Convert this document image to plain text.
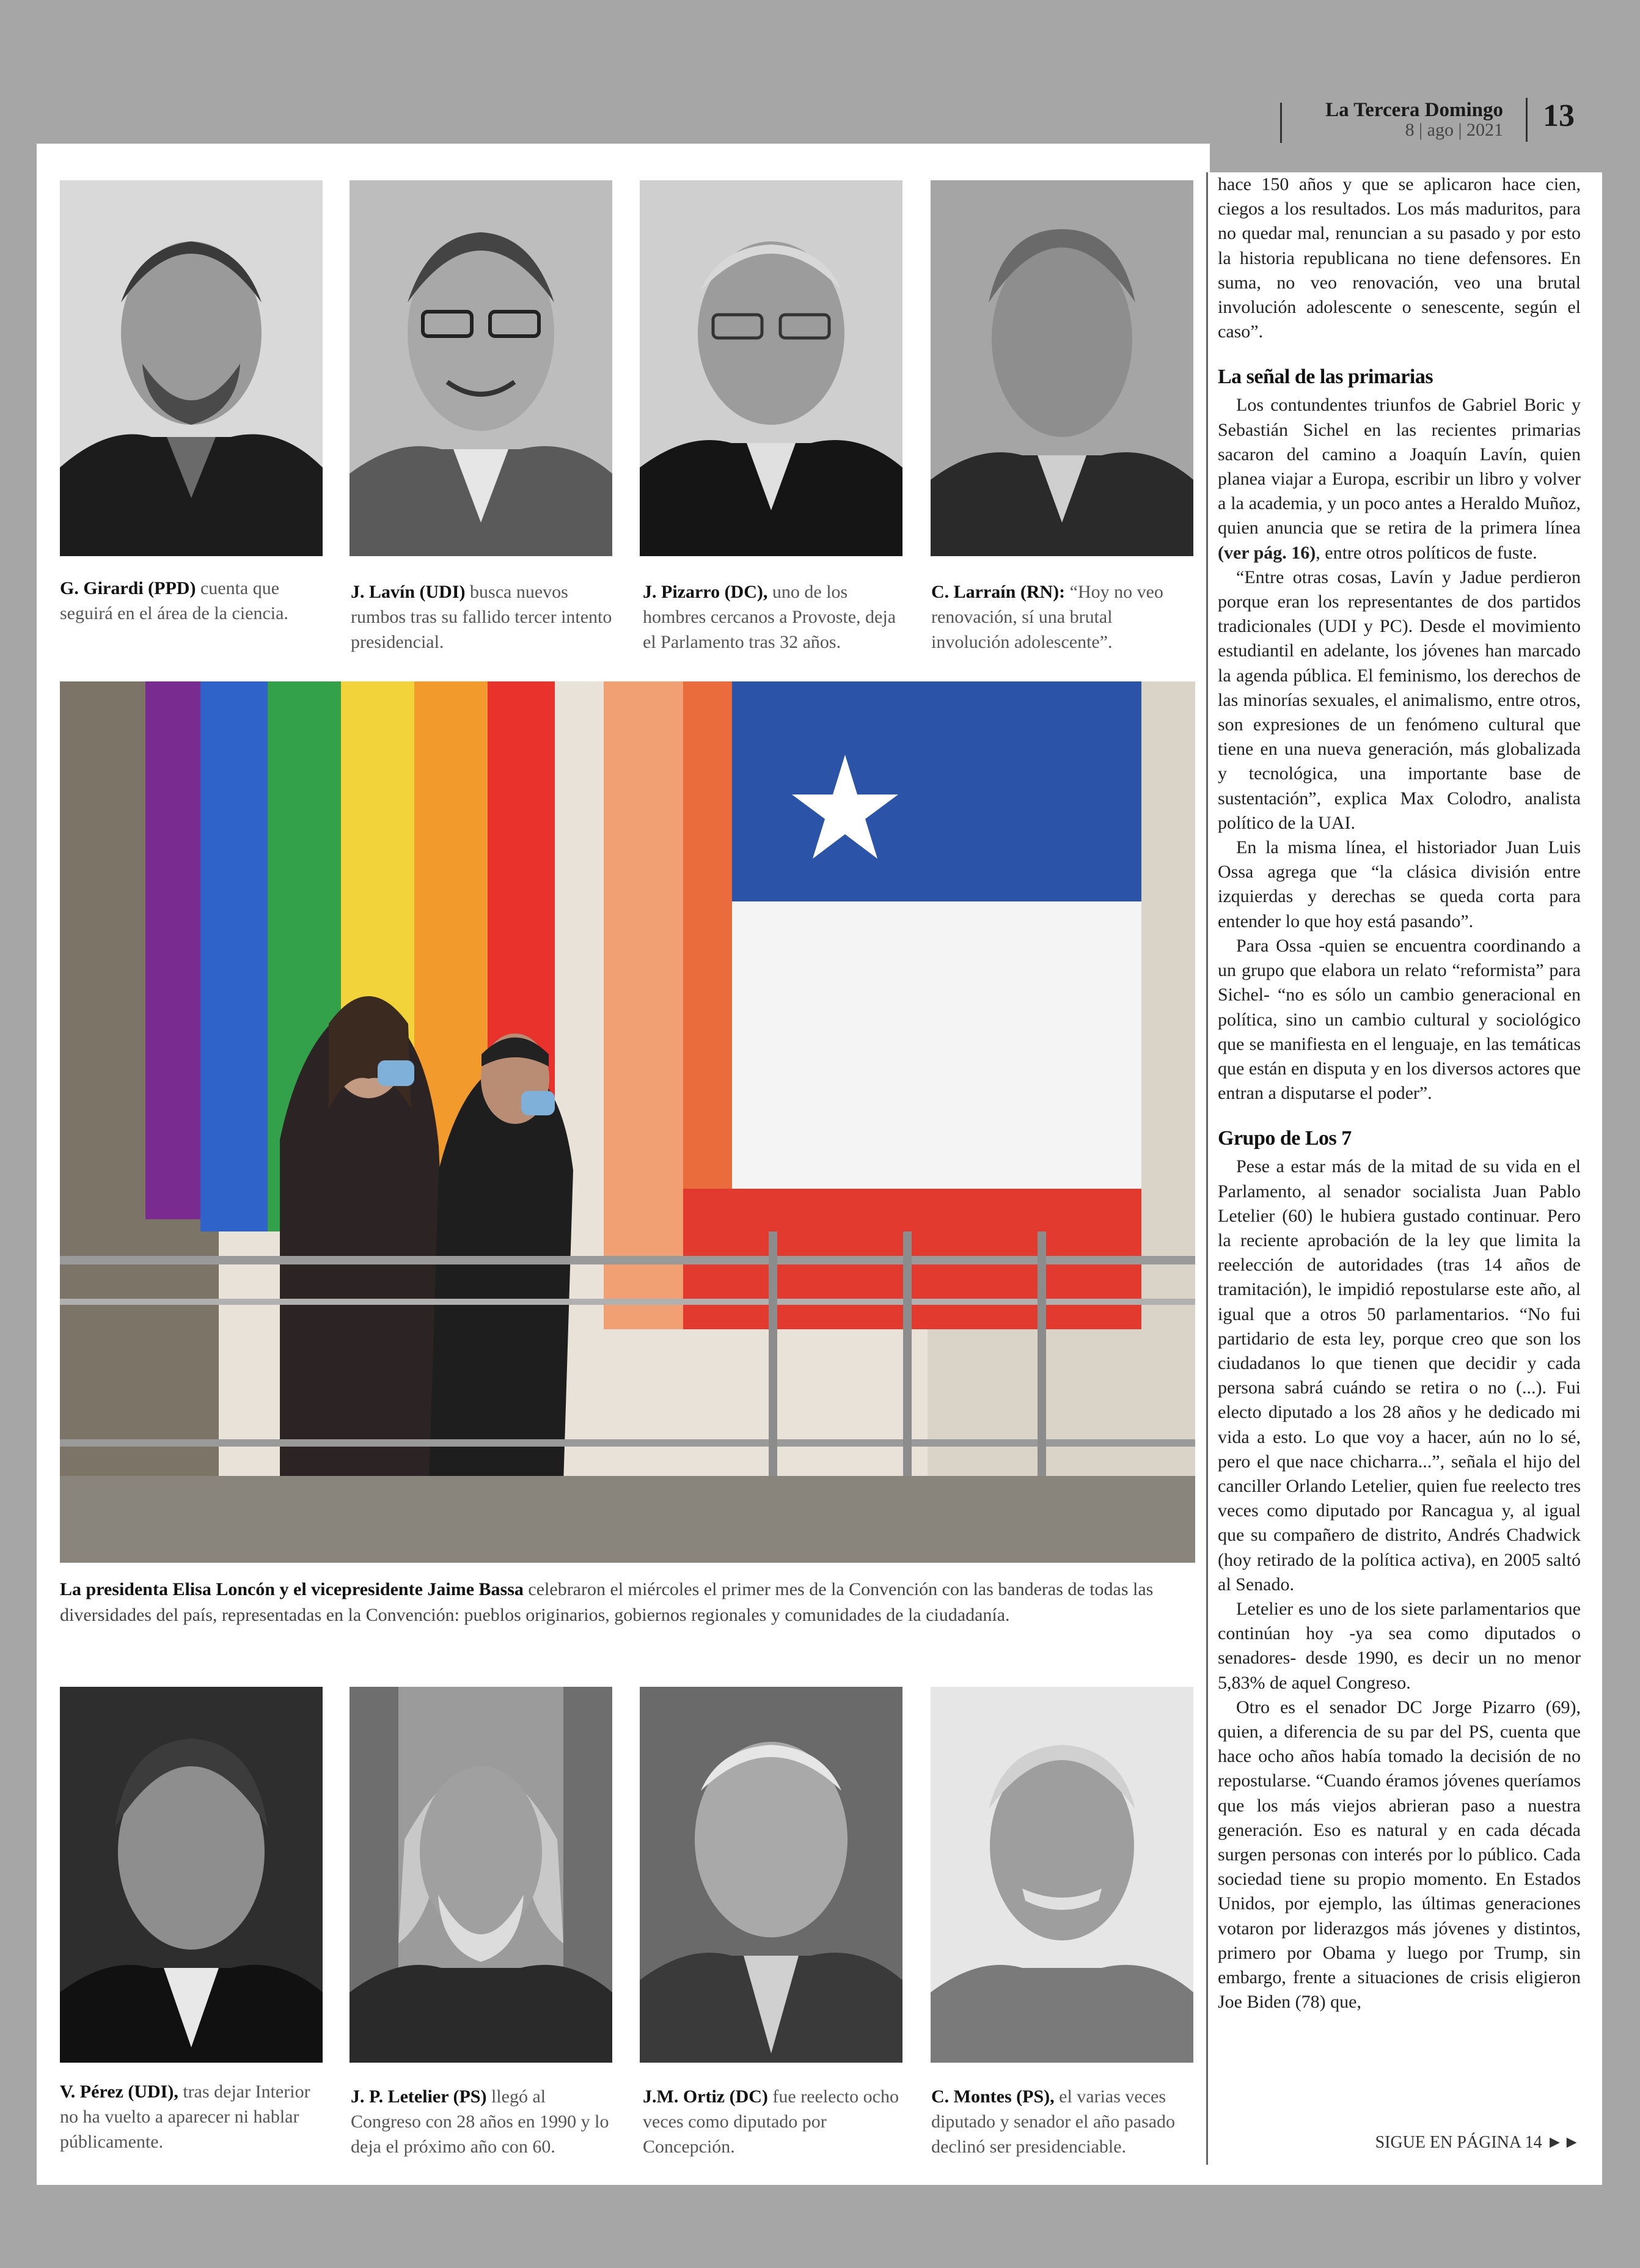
La Tercera Domingo
8 | ago | 2021 13
G. Girardi (PPD) cuenta que seguirá en el área de la ciencia.
J. Lavín (UDI) busca nuevos rumbos tras su fallido tercer intento presidencial.
J. Pizarro (DC), uno de los hombres cercanos a Provoste, deja el Parlamento tras 32 años.
C. Larraín (RN): “Hoy no veo renovación, sí una brutal involución adolescente”.
La presidenta Elisa Loncón y el vicepresidente Jaime Bassa celebraron el miércoles el primer mes de la Convención con las banderas de todas las diversidades del país, representadas en la Convención: pueblos originarios, gobiernos regionales y comunidades de la ciudadanía.
V. Pérez (UDI), tras dejar Interior no ha vuelto a aparecer ni hablar públicamente.
J. P. Letelier (PS) llegó al Congreso con 28 años en 1990 y lo deja el próximo año con 60.
J.M. Ortiz (DC) fue reelecto ocho veces como diputado por Concepción.
C. Montes (PS), el varias veces diputado y senador el año pasado declinó ser presidenciable.

hace 150 años y que se aplicaron hace cien, ciegos a los resultados. Los más maduritos, para no quedar mal, renuncian a su pasado y por esto la historia republicana no tiene defensores. En suma, no veo renovación, veo una brutal involución adolescente o senescente, según el caso”.

La señal de las primarias

Los contundentes triunfos de Gabriel Boric y Sebastián Sichel en las recientes primarias sacaron del camino a Joaquín Lavín, quien planea viajar a Europa, escribir un libro y volver a la academia, y un poco antes a Heraldo Muñoz, quien anuncia que se retira de la primera línea (ver pág. 16), entre otros políticos de fuste.

“Entre otras cosas, Lavín y Jadue perdieron porque eran los representantes de dos partidos tradicionales (UDI y PC). Desde el movimiento estudiantil en adelante, los jóvenes han marcado la agenda pública. El feminismo, los derechos de las minorías sexuales, el animalismo, entre otros, son expresiones de un fenómeno cultural que tiene en una nueva generación, más globalizada y tecnológica, una importante base de sustentación”, explica Max Colodro, analista político de la UAI.

En la misma línea, el historiador Juan Luis Ossa agrega que “la clásica división entre izquierdas y derechas se queda corta para entender lo que hoy está pasando”.

Para Ossa -quien se encuentra coordinando a un grupo que elabora un relato “reformista” para Sichel- “no es sólo un cambio generacional en política, sino un cambio cultural y sociológico que se manifiesta en el lenguaje, en las temáticas que están en disputa y en los diversos actores que entran a disputarse el poder”.

Grupo de Los 7

Pese a estar más de la mitad de su vida en el Parlamento, al senador socialista Juan Pablo Letelier (60) le hubiera gustado continuar. Pero la reciente aprobación de la ley que limita la reelección de autoridades (tras 14 años de tramitación), le impidió repostularse este año, al igual que a otros 50 parlamentarios. “No fui partidario de esta ley, porque creo que son los ciudadanos lo que tienen que decidir y cada persona sabrá cuándo se retira o no (...). Fui electo diputado a los 28 años y he dedicado mi vida a esto. Lo que voy a hacer, aún no lo sé, pero el que nace chicharra...”, señala el hijo del canciller Orlando Letelier, quien fue reelecto tres veces como diputado por Rancagua y, al igual que su compañero de distrito, Andrés Chadwick (hoy retirado de la política activa), en 2005 saltó al Senado.

Letelier es uno de los siete parlamentarios que continúan hoy -ya sea como diputados o senadores- desde 1990, es decir un no menor 5,83% de aquel Congreso.

Otro es el senador DC Jorge Pizarro (69), quien, a diferencia de su par del PS, cuenta que hace ocho años había tomado la decisión de no repostularse. “Cuando éramos jóvenes queríamos que los más viejos abrieran paso a nuestra generación. Eso es natural y en cada década surgen personas con interés por lo público. Cada sociedad tiene su propio momento. En Estados Unidos, por ejemplo, las últimas generaciones votaron por liderazgos más jóvenes y distintos, primero por Obama y luego por Trump, sin embargo, frente a situaciones de crisis eligieron Joe Biden (78) que,

SIGUE EN PÁGINA 14 ►►
